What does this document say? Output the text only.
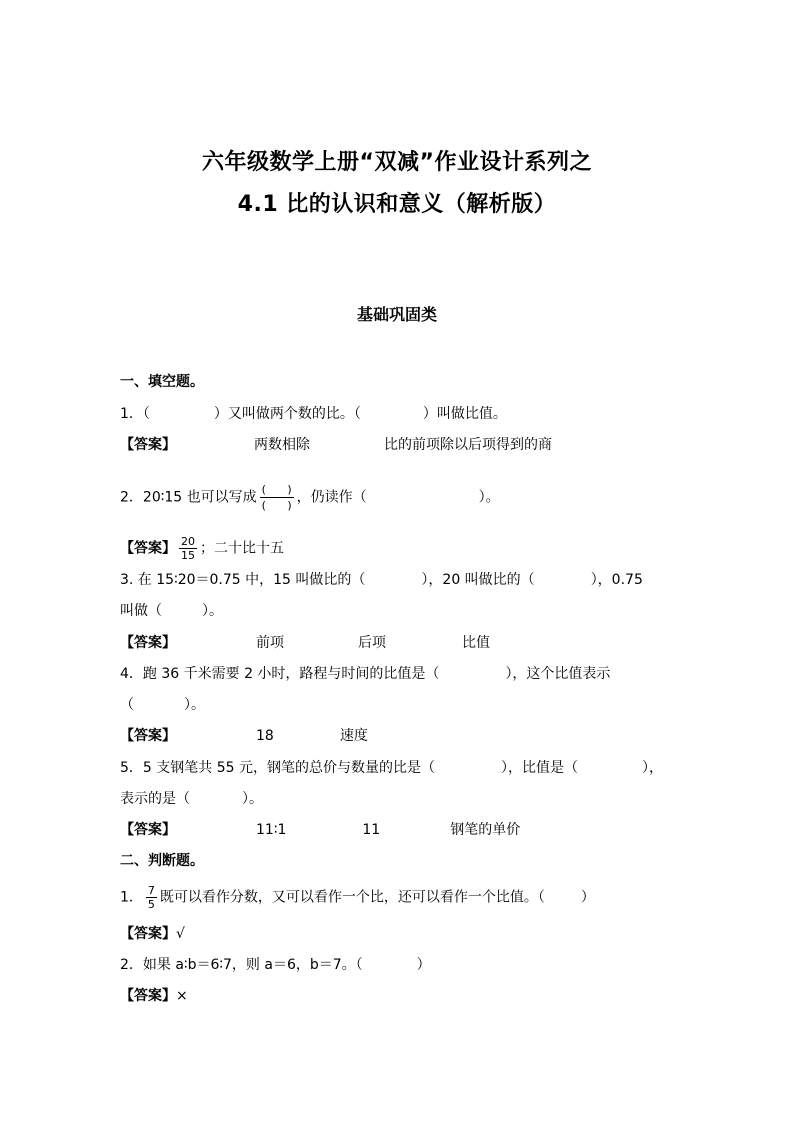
六年级数学上册“双减”作业设计系列之
4.1 比的认识和意义（解析版）
基础巩固类
一、填空题。
1．（	）又叫做两个数的比。（	）叫做比值。
【答案】	两数相除	比的前项除以后项得到的商
2．20∶15 也可以写成 $\frac{( )}{( )}$ ，仍读作（	）。
【答案】 $\frac{20}{15}$ ；二十比十五
3. 在 15∶20＝0.75 中，15 叫做比的（	），20 叫做比的（	），0.75
叫做（	）。
【答案】	前项	后项	比值
4．跑 36 千米需要 2 小时，路程与时间的比值是（	），这个比值表示
（	）。
【答案】	18	速度
5．5 支钢笔共 55 元，钢笔的总价与数量的比是（	），比值是（	），
表示的是（	）。
【答案】	11∶1	11	钢笔的单价
二、判断题。
1． $\frac{7}{5}$ 既可以看作分数，又可以看作一个比，还可以看作一个比值。（	）
【答案】√
2．如果 a∶b＝6∶7，则 a＝6，b＝7。（	）
【答案】×
